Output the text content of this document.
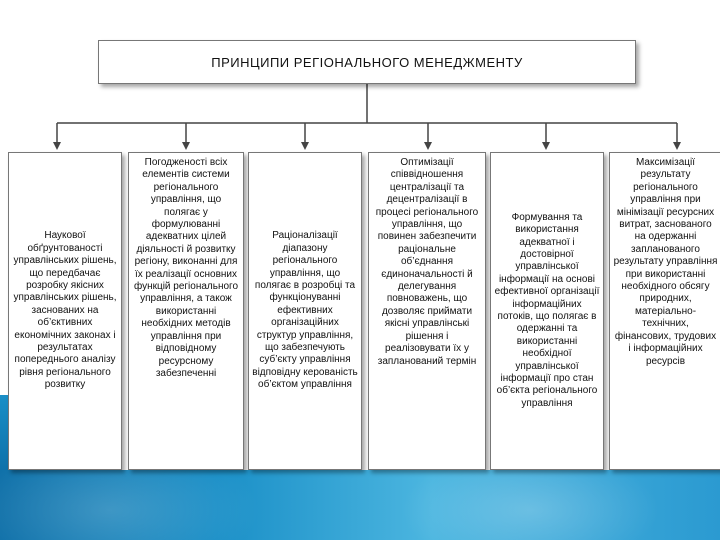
ПРИНЦИПИ РЕГІОНАЛЬНОГО МЕНЕДЖМЕНТУ
Наукової обґрунтованості управлінських рішень, що передбачає розробку якісних управлінських рішень, заснованих на об’єктивних економічних законах і результатах попереднього аналізу рівня регіонального розвитку
Погодженості всіх елементів системи регіонального управління, що полягає у формулюванні адекватних цілей діяльності й розвитку регіону, виконанні для їх реалізації основних функцій регіонального управління, а також використанні необхідних методів управління при відповідному ресурсному забезпеченні
Раціоналізації діапазону регіонального управління, що полягає в розробці та функціонуванні ефективних організаційних структур управління, що забезпечують суб’єкту управління відповідну керованість об’єктом управління
Оптимізації співвідношення централізації та децентралізації в процесі регіонального управління, що повинен забезпечити раціональне об’єднання єдиноначальності й делегування повноважень, що дозволяє приймати якісні управлінські рішення і реалізовувати їх у запланований термін
Формування та використання адекватної і достовірної управлінської інформації на основі ефективної організації інформаційних потоків, що полягає в одержанні та використанні необхідної управлінської інформації про стан об’єкта регіонального управління
Максимізації результату регіонального управління при мінімізації ресурсних витрат, заснованого на одержанні запланованого результату управління при використанні необхідного обсягу природних, матеріально-технічних, фінансових, трудових і інформаційних ресурсів
